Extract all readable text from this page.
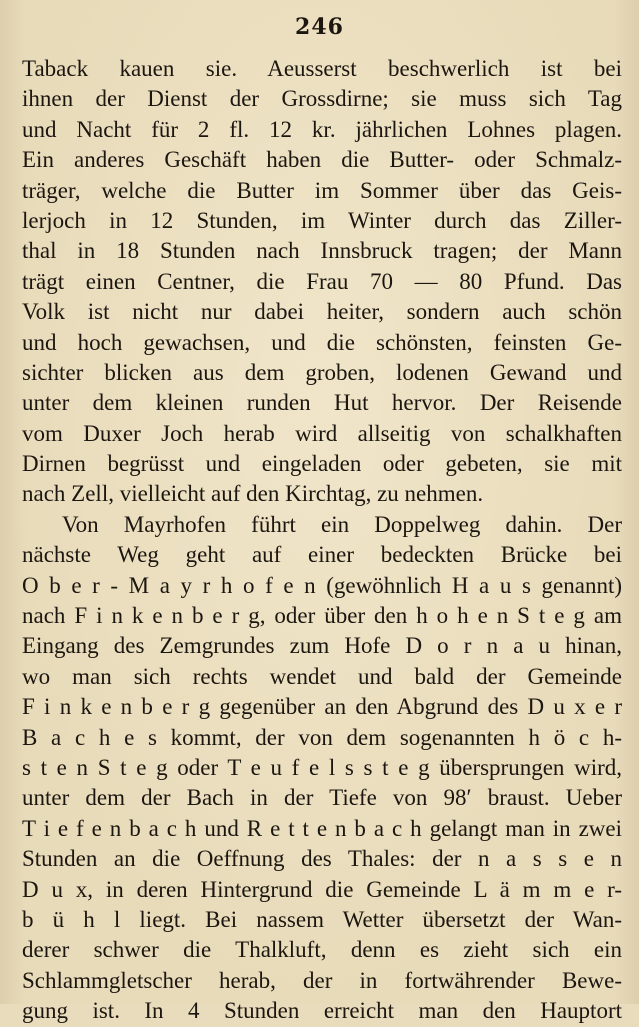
246
Taback kauen sie. Aeusserst beschwerlich ist bei
ihnen der Dienst der Grossdirne; sie muss sich Tag
und Nacht für 2 fl. 12 kr. jährlichen Lohnes plagen.
Ein anderes Geschäft haben die Butter- oder Schmalz-
träger, welche die Butter im Sommer über das Geis-
lerjoch in 12 Stunden, im Winter durch das Ziller-
thal in 18 Stunden nach Innsbruck tragen; der Mann
trägt einen Centner, die Frau 70 — 80 Pfund. Das
Volk ist nicht nur dabei heiter, sondern auch schön
und hoch gewachsen, und die schönsten, feinsten Ge-
sichter blicken aus dem groben, lodenen Gewand und
unter dem kleinen runden Hut hervor. Der Reisende
vom Duxer Joch herab wird allseitig von schalkhaften
Dirnen begrüsst und eingeladen oder gebeten, sie mit
nach Zell, vielleicht auf den Kirchtag, zu nehmen.
Von Mayrhofen führt ein Doppelweg dahin. Der
nächste Weg geht auf einer bedeckten Brücke bei
O b e r - M a y r h o f e n (gewöhnlich H a u s genannt)
nach F i n k e n b e r g, oder über den h o h e n S t e g am
Eingang des Zemgrundes zum Hofe D o r n a u hinan,
wo man sich rechts wendet und bald der Gemeinde
F i n k e n b e r g gegenüber an den Abgrund des D u x e r
B a c h e s kommt, der von dem sogenannten h ö c h-
s t e n S t e g oder T e u f e l s s t e g übersprungen wird,
unter dem der Bach in der Tiefe von 98′ braust. Ueber
T i e f e n b a c h und R e t t e n b a c h gelangt man in zwei
Stunden an die Oeffnung des Thales: der n a s s e n
D u x, in deren Hintergrund die Gemeinde L ä m m e r-
b ü h l liegt. Bei nassem Wetter übersetzt der Wan-
derer schwer die Thalkluft, denn es zieht sich ein
Schlammgletscher herab, der in fortwährender Bewe-
gung ist. In 4 Stunden erreicht man den Hauptort
